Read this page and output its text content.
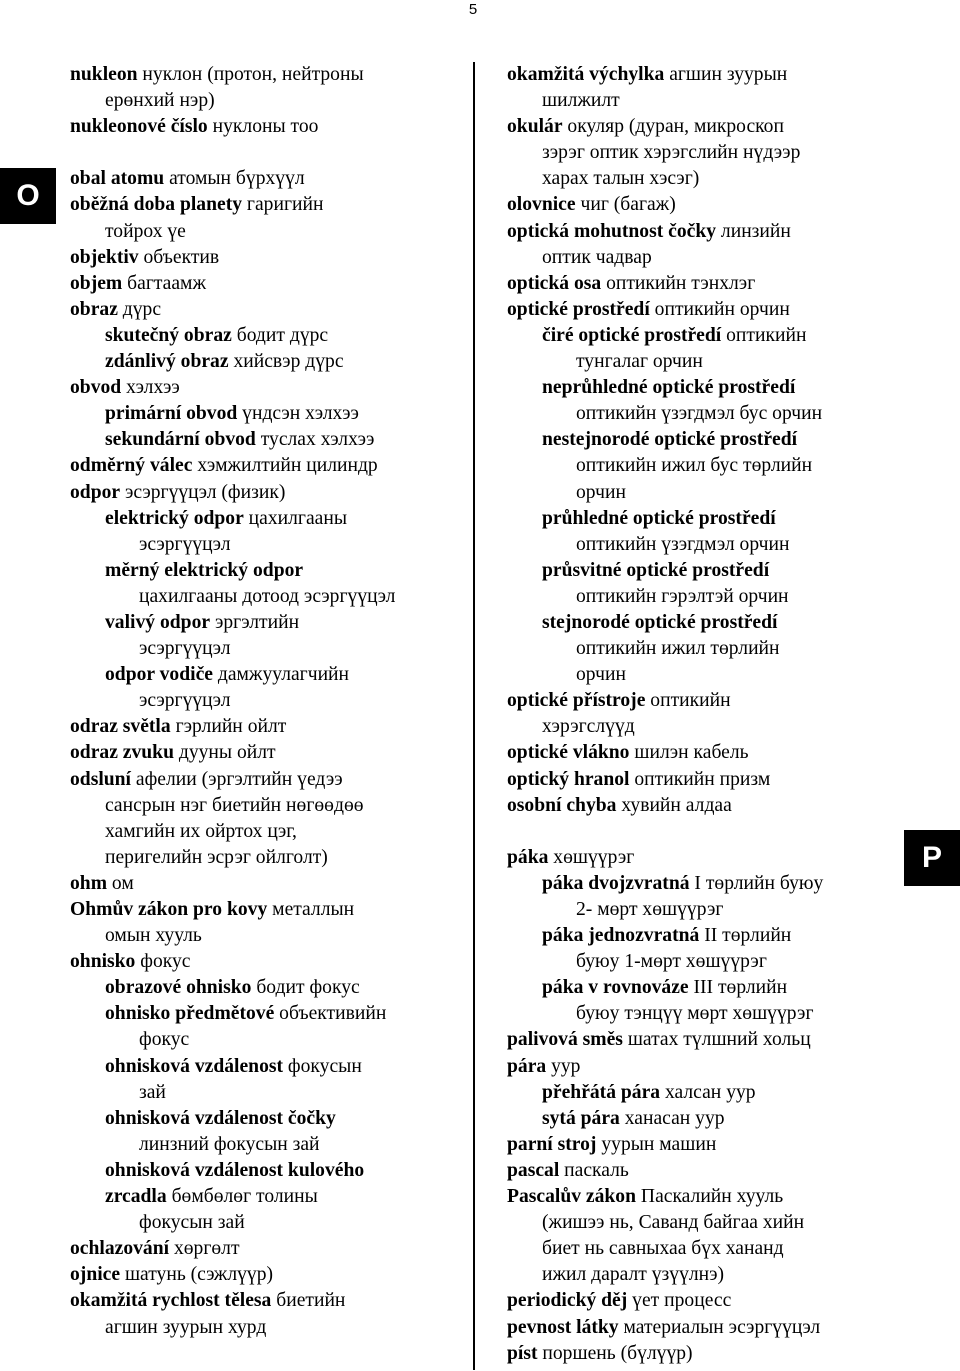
5
O
P
nukleon нуклон (протон, нейтроны
ерөнхий нэр)
nukleonové číslo нуклоны тоо
obal atomu атомын бүрхүүл
oběžná doba planety гаригийн
тойрох үе
objektiv объектив
objem багтаамж
obraz дүрс
skutečný obraz бодит дүрс
zdánlivý obraz хийсвэр дүрс
obvod хэлхээ
primární obvod үндсэн хэлхээ
sekundární obvod туслах хэлхээ
odměrný válec хэмжилтийн цилиндр
odpor эсэргүүцэл (физик)
elektrický odpor цахилгааны
эсэргүүцэл
měrný elektrický odpor
цахилгааны дотоод эсэргүүцэл
valivý odpor эргэлтийн
эсэргүүцэл
odpor vodiče дамжуулагчийн
эсэргүүцэл
odraz světla гэрлийн ойлт
odraz zvuku дууны ойлт
odsluní афелии (эргэлтийн үедээ
сансрын нэг биетийн нөгөөдөө
хамгийн их ойртох цэг,
перигелийн эсрэг ойлголт)
ohm ом
Ohmův zákon pro kovy металлын
омын хууль
ohnisko фокус
obrazové ohnisko бодит фокус
ohnisko předmětové объективийн
фокус
ohnisková vzdálenost фокусын
зай
ohnisková vzdálenost čočky
линзний фокусын зай
ohnisková vzdálenost kulového
zrcadla бөмбөлөг толины
фокусын зай
ochlazování хөргөлт
ojnice шатунь (сэжлүүр)
okamžitá rychlost tělesa биетийн
агшин зуурын хурд
okamžitá výchylka агшин зуурын
шилжилт
okulár окуляр (дуран, микроскоп
зэрэг оптик хэрэгслийн нүдээр
харах талын хэсэг)
olovnice чиг (багаж)
optická mohutnost čočky линзийн
оптик чадвар
optická osa оптикийн тэнхлэг
optické prostředí оптикийн орчин
čiré optické prostředí оптикийн
тунгалаг орчин
neprůhledné optické prostředí
оптикийн үзэгдмэл бус орчин
nestejnorodé optické prostředí
оптикийн ижил бус төрлийн
орчин
průhledné optické prostředí
оптикийн үзэгдмэл орчин
průsvitné optické prostředí
оптикийн гэрэлтэй орчин
stejnorodé optické prostředí
оптикийн ижил төрлийн
орчин
optické přístroje оптикийн
хэрэгслүүд
optické vlákno шилэн кабель
optický hranol оптикийн призм
osobní chyba хувийн алдаа
páka хөшүүрэг
páka dvojzvratná I төрлийн буюу
2- мөрт хөшүүрэг
páka jednozvratná II төрлийн
буюу 1-мөрт хөшүүрэг
páka v rovnováze III төрлийн
буюу тэнцүү мөрт хөшүүрэг
palivová směs шатах түлшний хольц
pára уур
přehřátá pára халсан уур
sytá pára ханасан уур
parní stroj уурын машин
pascal паскаль
Pascalův zákon Паскалийн хууль
(жишээ нь, Саванд байгаа хийн
биет нь савныхаа бүх хананд
ижил даралт үзүүлнэ)
periodický děj үет процесс
pevnost látky материалын эсэргүүцэл
píst поршень (бүлүүр)
